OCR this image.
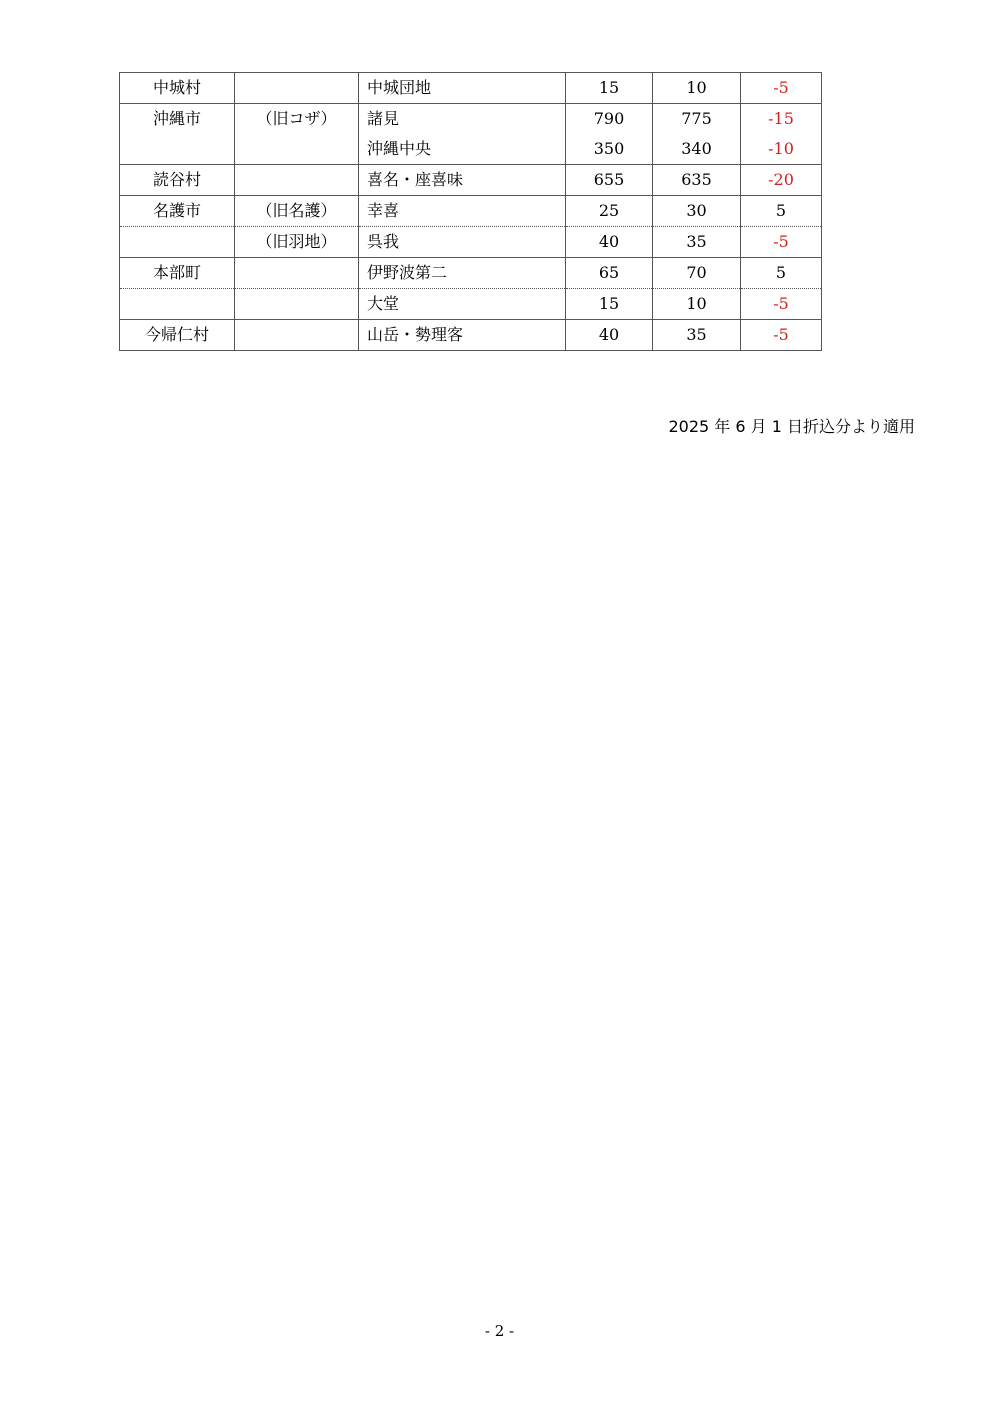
中城村		中城団地	15	10	-5
沖縄市	（旧コザ）	諸見	790	775	-15
		沖縄中央	350	340	-10
読谷村		喜名・座喜味	655	635	-20
名護市	（旧名護）	幸喜	25	30	5
	（旧羽地）	呉我	40	35	-5
本部町		伊野波第二	65	70	5
		大堂	15	10	-5
今帰仁村		山岳・勢理客	40	35	-5
2025 年 6 月 1 日折込分より適用
- 2 -
